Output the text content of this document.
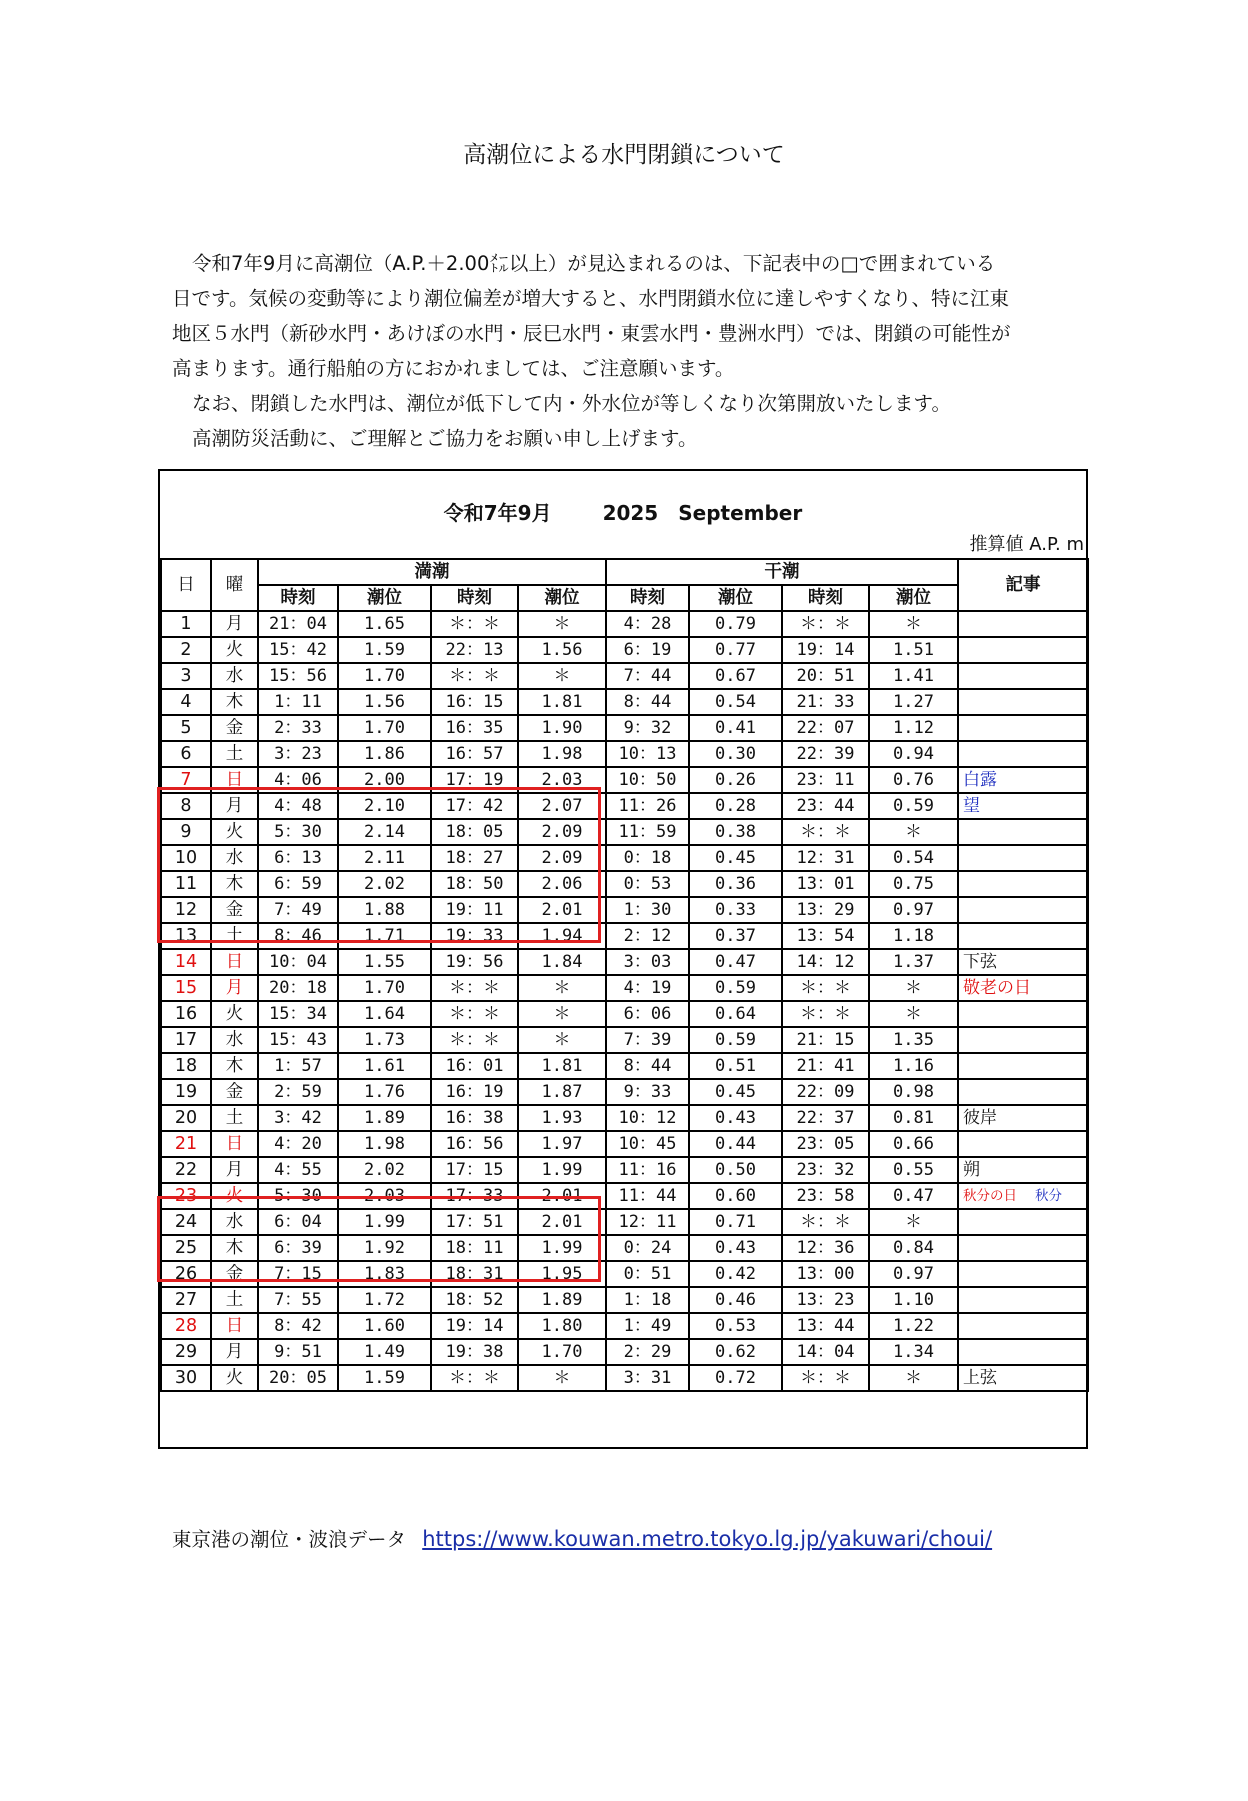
高潮位による水門閉鎖について

令和7年9月に高潮位（A.P.＋2.00㍍以上）が見込まれるのは、下記表中の□で囲まれている

日です。気候の変動等により潮位偏差が増大すると、水門閉鎖水位に達しやすくなり、特に江東

地区５水門（新砂水門・あけぼの水門・辰巳水門・東雲水門・豊洲水門）では、閉鎖の可能性が

高まります。通行船舶の方におかれましては、ご注意願います。

なお、閉鎖した水門は、潮位が低下して内・外水位が等しくなり次第開放いたします。

高潮防災活動に、ご理解とご協力をお願い申し上げます。

令和7年9月	2025　September
推算値 A.P. m
日	曜	満潮				干潮				記事
		時刻	潮位	時刻	潮位	時刻	潮位	時刻	潮位	
1	月	21：04	1.65	＊：＊	＊	4：28	0.79	＊：＊	＊	
2	火	15：42	1.59	22：13	1.56	6：19	0.77	19：14	1.51	
3	水	15：56	1.70	＊：＊	＊	7：44	0.67	20：51	1.41	
4	木	1：11	1.56	16：15	1.81	8：44	0.54	21：33	1.27	
5	金	2：33	1.70	16：35	1.90	9：32	0.41	22：07	1.12	
6	土	3：23	1.86	16：57	1.98	10：13	0.30	22：39	0.94	
7	日	4：06	2.00	17：19	2.03	10：50	0.26	23：11	0.76	白露
8	月	4：48	2.10	17：42	2.07	11：26	0.28	23：44	0.59	望
9	火	5：30	2.14	18：05	2.09	11：59	0.38	＊：＊	＊	
10	水	6：13	2.11	18：27	2.09	0：18	0.45	12：31	0.54	
11	木	6：59	2.02	18：50	2.06	0：53	0.36	13：01	0.75	
12	金	7：49	1.88	19：11	2.01	1：30	0.33	13：29	0.97	
13	土	8：46	1.71	19：33	1.94	2：12	0.37	13：54	1.18	
14	日	10：04	1.55	19：56	1.84	3：03	0.47	14：12	1.37	下弦
15	月	20：18	1.70	＊：＊	＊	4：19	0.59	＊：＊	＊	敬老の日
16	火	15：34	1.64	＊：＊	＊	6：06	0.64	＊：＊	＊	
17	水	15：43	1.73	＊：＊	＊	7：39	0.59	21：15	1.35	
18	木	1：57	1.61	16：01	1.81	8：44	0.51	21：41	1.16	
19	金	2：59	1.76	16：19	1.87	9：33	0.45	22：09	0.98	
20	土	3：42	1.89	16：38	1.93	10：12	0.43	22：37	0.81	彼岸
21	日	4：20	1.98	16：56	1.97	10：45	0.44	23：05	0.66	
22	月	4：55	2.02	17：15	1.99	11：16	0.50	23：32	0.55	朔
23	火	5：30	2.03	17：33	2.01	11：44	0.60	23：58	0.47	秋分の日 秋分
24	水	6：04	1.99	17：51	2.01	12：11	0.71	＊：＊	＊	
25	木	6：39	1.92	18：11	1.99	0：24	0.43	12：36	0.84	
26	金	7：15	1.83	18：31	1.95	0：51	0.42	13：00	0.97	
27	土	7：55	1.72	18：52	1.89	1：18	0.46	13：23	1.10	
28	日	8：42	1.60	19：14	1.80	1：49	0.53	13：44	1.22	
29	月	9：51	1.49	19：38	1.70	2：29	0.62	14：04	1.34	
30	火	20：05	1.59	＊：＊	＊	3：31	0.72	＊：＊	＊	上弦
東京港の潮位・波浪データ https://www.kouwan.metro.tokyo.lg.jp/yakuwari/choui/
